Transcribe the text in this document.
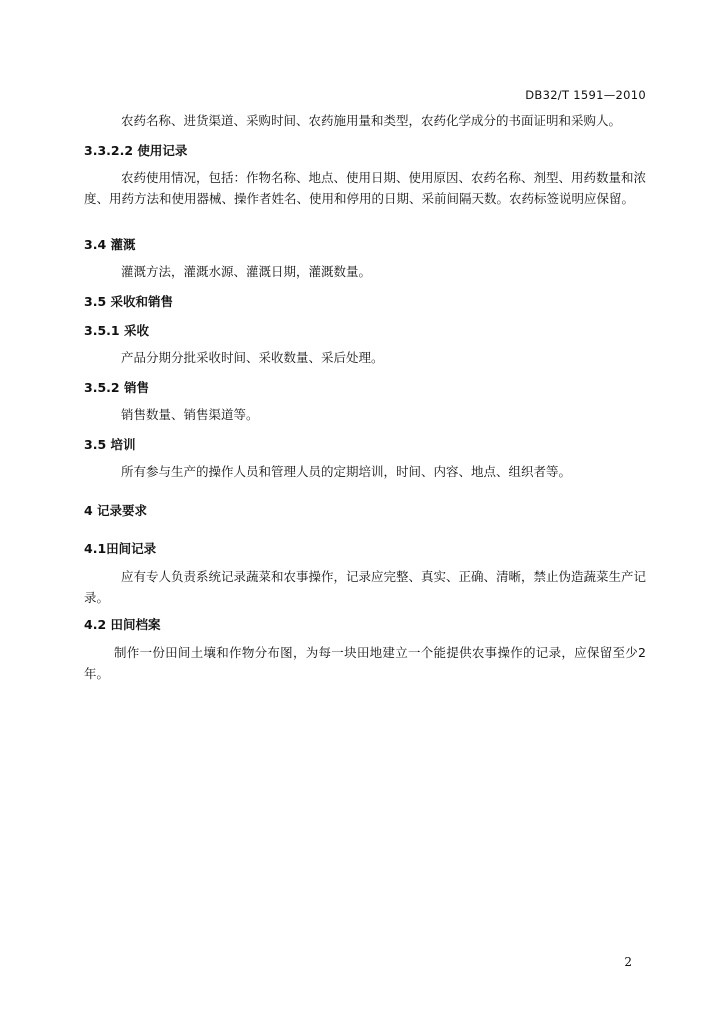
DB32/T 1591—2010

农药名称、进货渠道、采购时间、农药施用量和类型，农药化学成分的书面证明和采购人。

3.3.2.2 使用记录

农药使用情况，包括：作物名称、地点、使用日期、使用原因、农药名称、剂型、用药数量和浓度、用药方法和使用器械、操作者姓名、使用和停用的日期、采前间隔天数。农药标签说明应保留。

3.4 灌溉

灌溉方法，灌溉水源、灌溉日期，灌溉数量。

3.5 采收和销售
3.5.1 采收

产品分期分批采收时间、采收数量、采后处理。

3.5.2 销售

销售数量、销售渠道等。

3.5 培训

所有参与生产的操作人员和管理人员的定期培训，时间、内容、地点、组织者等。

4 记录要求
4.1田间记录

应有专人负责系统记录蔬菜和农事操作，记录应完整、真实、正确、清晰，禁止伪造蔬菜生产记录。

4.2 田间档案

制作一份田间土壤和作物分布图，为每一块田地建立一个能提供农事操作的记录，应保留至少2年。

2
